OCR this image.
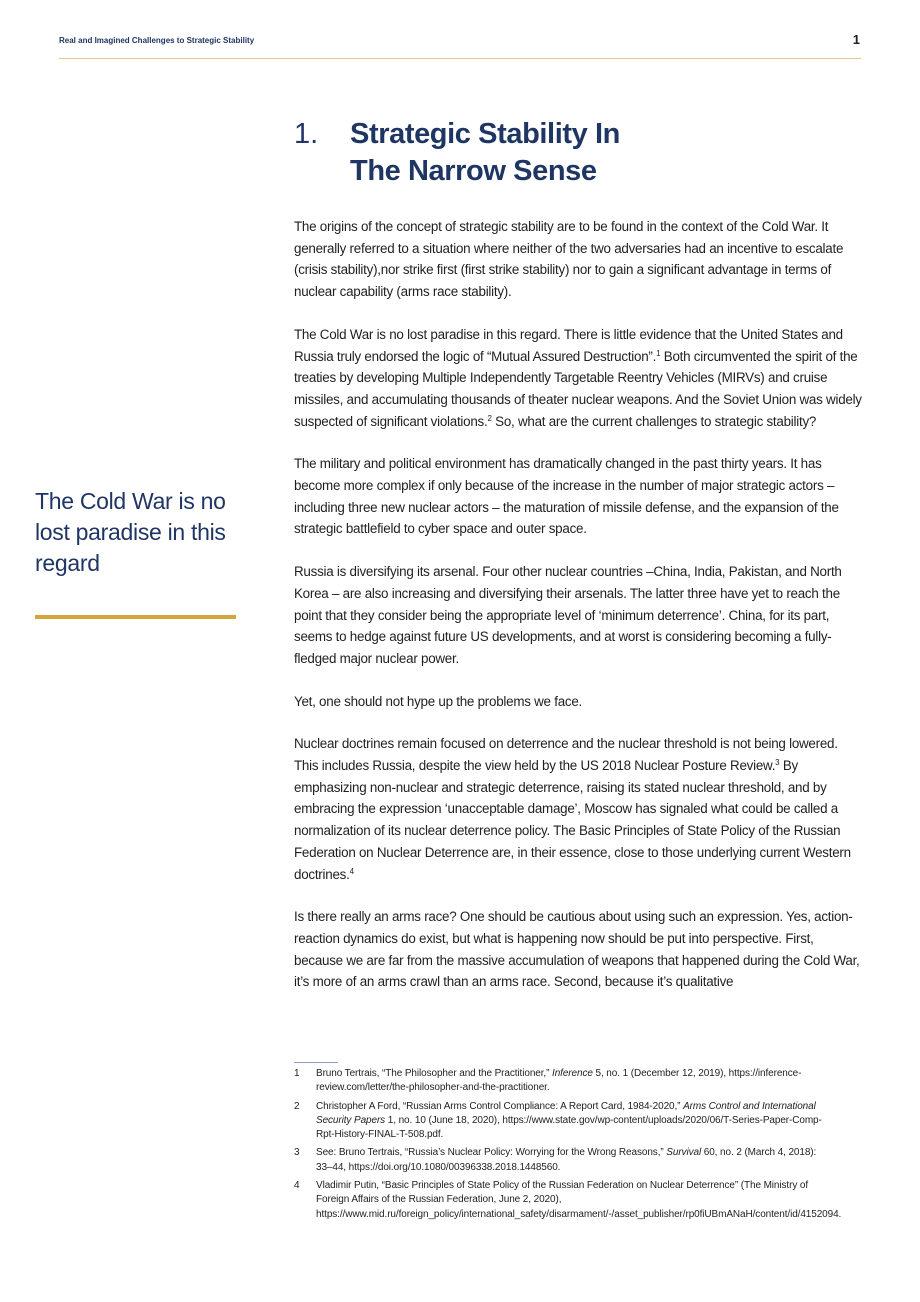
Real and Imagined Challenges to Strategic Stability	1
1. Strategic Stability In
The Narrow Sense
The Cold War is no lost paradise in this regard

The origins of the concept of strategic stability are to be found in the context of the Cold War. It generally referred to a situation where neither of the two adversaries had an incentive to escalate (crisis stability),nor strike first (first strike stability) nor to gain a significant advantage in terms of nuclear capability (arms race stability).

The Cold War is no lost paradise in this regard. There is little evidence that the United States and Russia truly endorsed the logic of “Mutual Assured Destruction”.$^1$ Both circumvented the spirit of the treaties by developing Multiple Independently Targetable Reentry Vehicles (MIRVs) and cruise missiles, and accumulating thousands of theater nuclear weapons. And the Soviet Union was widely suspected of significant violations.$^2$ So, what are the current challenges to strategic stability?

The military and political environment has dramatically changed in the past thirty years. It has become more complex if only because of the increase in the number of major strategic actors – including three new nuclear actors – the maturation of missile defense, and the expansion of the strategic battlefield to cyber space and outer space.

Russia is diversifying its arsenal. Four other nuclear countries –China, India, Pakistan, and North Korea – are also increasing and diversifying their arsenals. The latter three have yet to reach the point that they consider being the appropriate level of ‘minimum deterrence’. China, for its part, seems to hedge against future US developments, and at worst is considering becoming a fully-fledged major nuclear power.

Yet, one should not hype up the problems we face.

Nuclear doctrines remain focused on deterrence and the nuclear threshold is not being lowered. This includes Russia, despite the view held by the US 2018 Nuclear Posture Review.$^3$ By emphasizing non-nuclear and strategic deterrence, raising its stated nuclear threshold, and by embracing the expression ‘unacceptable damage’, Moscow has signaled what could be called a normalization of its nuclear deterrence policy. The Basic Principles of State Policy of the Russian Federation on Nuclear Deterrence are, in their essence, close to those underlying current Western doctrines.$^4$

Is there really an arms race? One should be cautious about using such an expression. Yes, action-reaction dynamics do exist, but what is happening now should be put into perspective. First, because we are far from the massive accumulation of weapons that happened during the Cold War, it’s more of an arms crawl than an arms race. Second, because it’s qualitative

1	Bruno Tertrais, “The Philosopher and the Practitioner,” Inference 5, no. 1 (December 12, 2019), https://inference-review.com/letter/the-philosopher-and-the-practitioner.
2	Christopher A Ford, “Russian Arms Control Compliance: A Report Card, 1984-2020,” Arms Control and International Security Papers 1, no. 10 (June 18, 2020), https://www.state.gov/wp-content/uploads/2020/06/T-Series-Paper-Comp-Rpt-History-FINAL-T-508.pdf.
3	See: Bruno Tertrais, “Russia’s Nuclear Policy: Worrying for the Wrong Reasons,” Survival 60, no. 2 (March 4, 2018): 33–44, https://doi.org/10.1080/00396338.2018.1448560.
4	Vladimir Putin, “Basic Principles of State Policy of the Russian Federation on Nuclear Deterrence” (The Ministry of Foreign Affairs of the Russian Federation, June 2, 2020), https://www.mid.ru/foreign_policy/international_safety/disarmament/-/asset_publisher/rp0fiUBmANaH/content/id/4152094.
